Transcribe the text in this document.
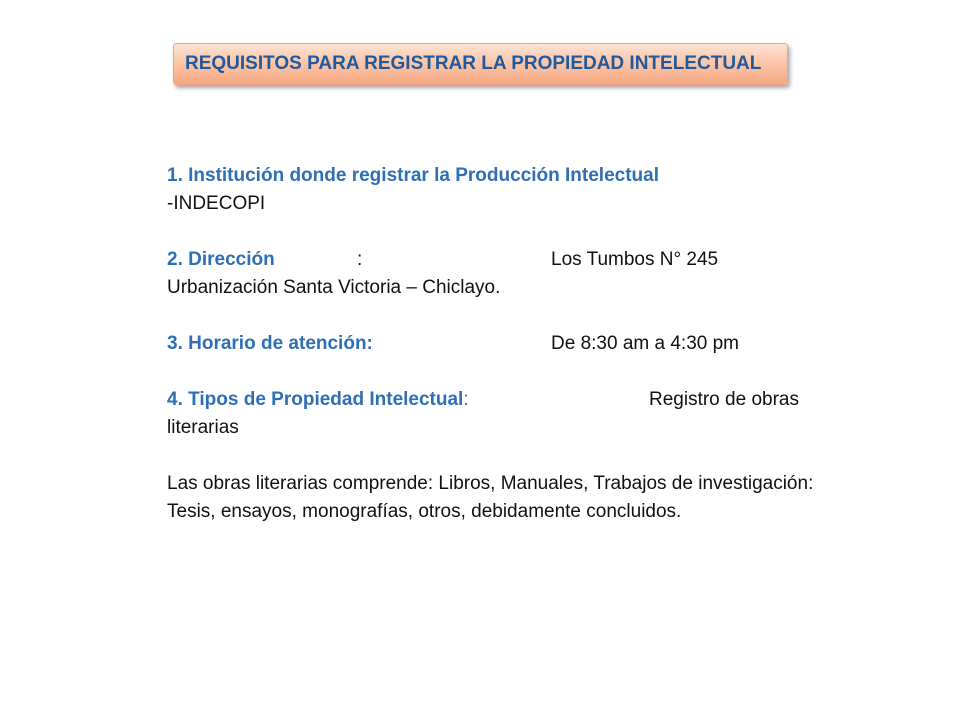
REQUISITOS PARA REGISTRAR LA PROPIEDAD INTELECTUAL
1. Institución donde registrar la Producción Intelectual
-INDECOPI
2. Dirección	:	Los Tumbos N° 245
Urbanización Santa Victoria – Chiclayo.
3. Horario de atención:	De 8:30 am a 4:30 pm
4. Tipos de Propiedad Intelectual:	Registro de obras
literarias
Las obras literarias comprende: Libros, Manuales, Trabajos de investigación: Tesis, ensayos, monografías, otros, debidamente concluidos.
